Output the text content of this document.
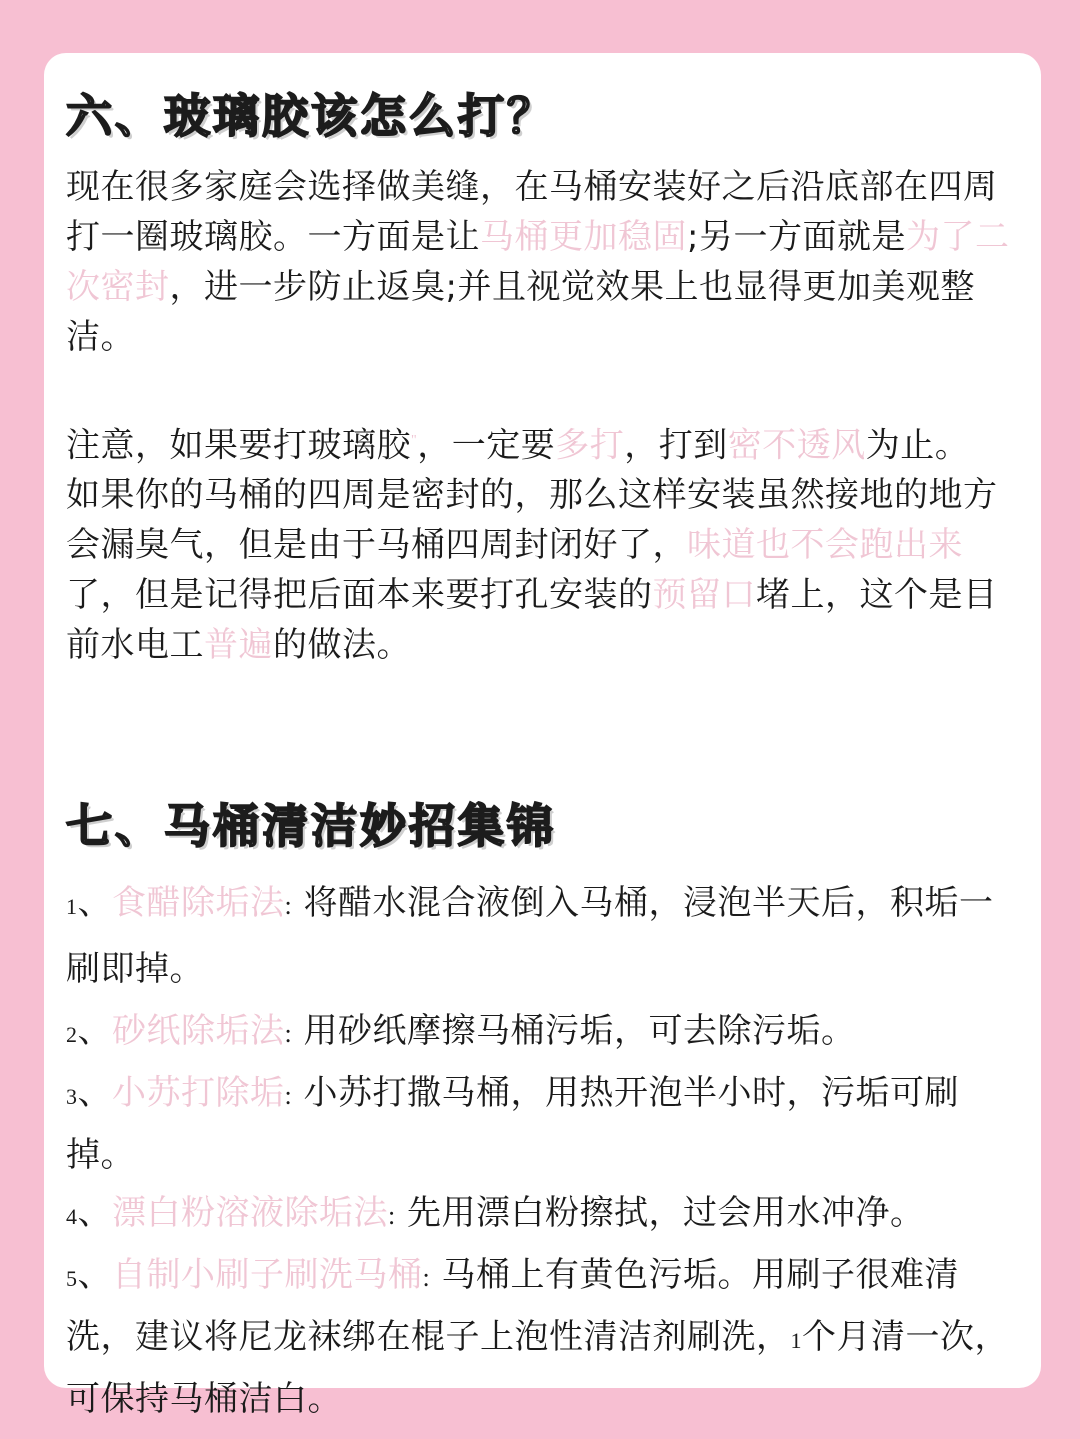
六、玻璃胶该怎么打？
现在很多家庭会选择做美缝，在马桶安装好之后沿底部在四周打一圈玻璃胶。一方面是让马桶更加稳固;另一方面就是为了二次密封，进一步防止返臭;并且视觉效果上也显得更加美观整洁。
注意，如果要打玻璃胶"，一定要多打，打到密不透风为止。
如果你的马桶的四周是密封的，那么这样安装虽然接地的地方
会漏臭气，但是由于马桶四周封闭好了，味道也不会跑出来
了，但是记得把后面本来要打孔安装的预留口堵上，这个是目
前水电工普遍的做法。
七、马桶清洁妙招集锦
1、食醋除垢法: 将醋水混合液倒入马桶，浸泡半天后，积垢一刷即掉。
2、砂纸除垢法: 用砂纸摩擦马桶污垢，可去除污垢。
3、小苏打除垢: 小苏打撒马桶，用热开泡半小时，污垢可刷掉。
4、漂白粉溶液除垢法: 先用漂白粉擦拭，过会用水冲净。
5、自制小刷子刷洗马桶: 马桶上有黄色污垢。用刷子很难清洗，建议将尼龙袜绑在棍子上泡性清洁剂刷洗，1个月清一次，可保持马桶洁白。
